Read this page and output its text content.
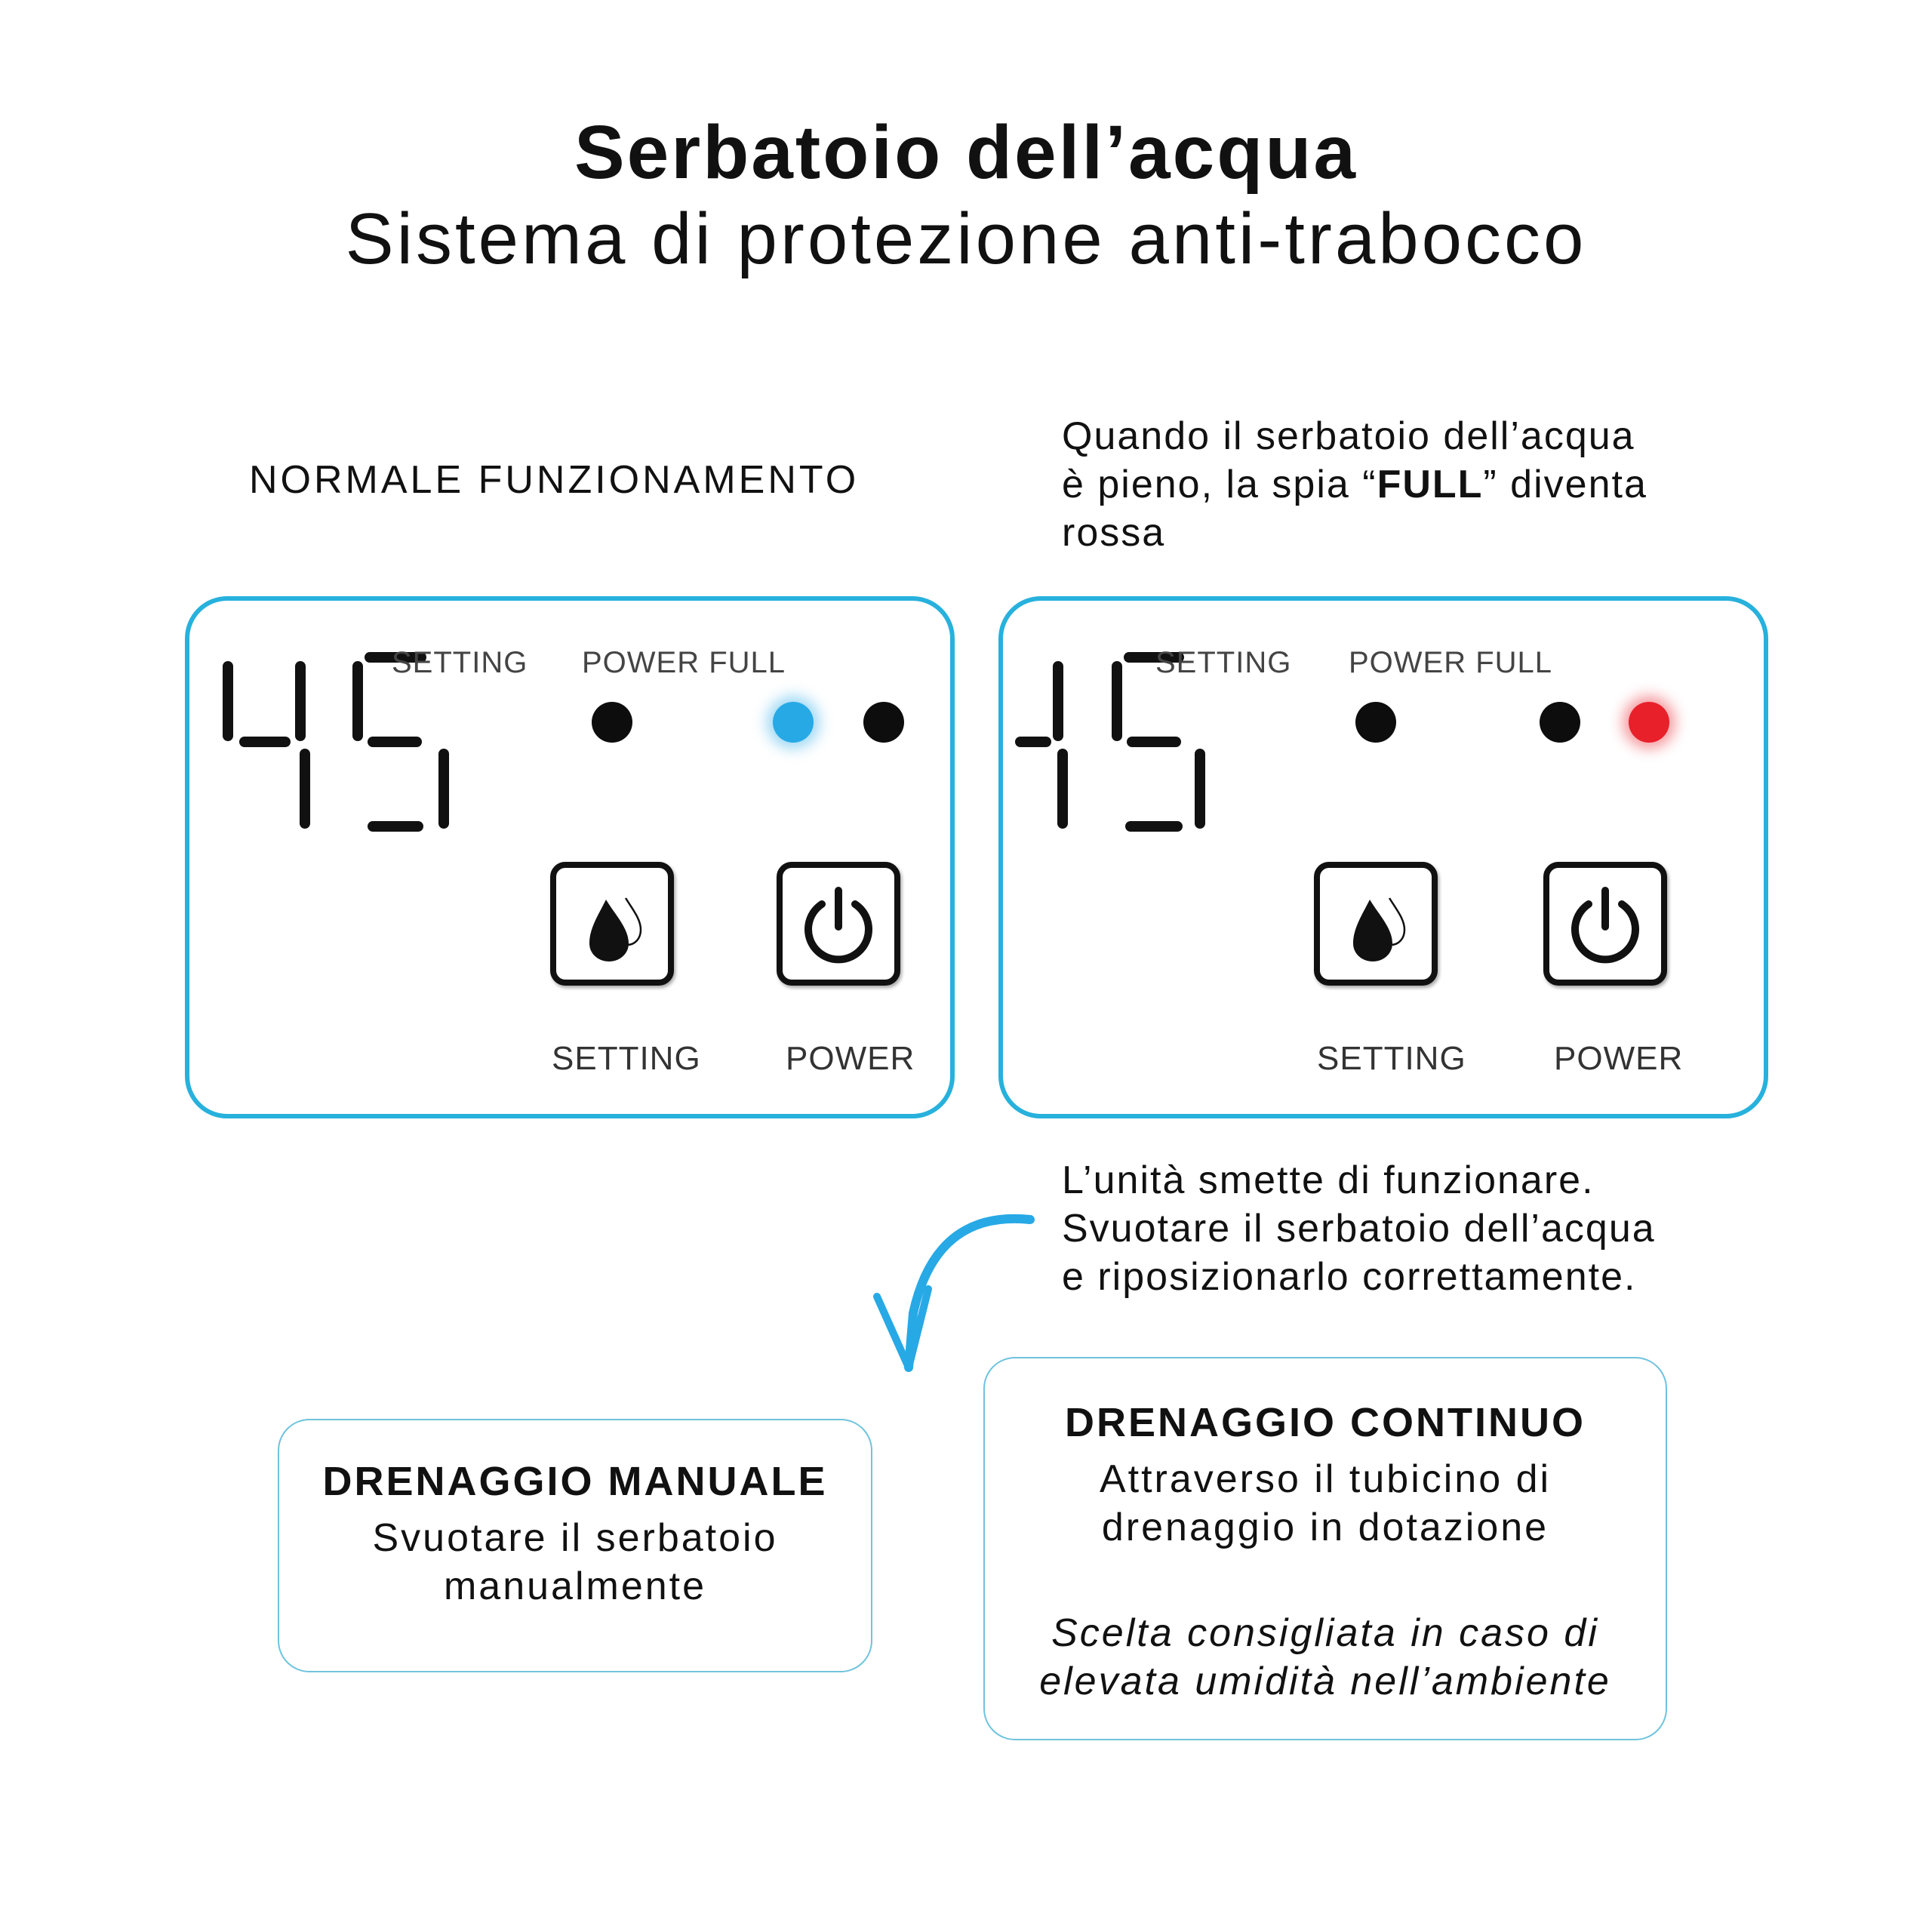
Serbatoio dell’acqua
Sistema di protezione anti-trabocco
NORMALE FUNZIONAMENTO
Quando il serbatoio dell’acqua
è pieno, la spia “FULL” diventa
rossa
SETTING POWER FULL
SETTING	POWER
SETTING POWER FULL
SETTING	POWER
L’unità smette di funzionare.
Svuotare il serbatoio dell’acqua
e riposizionarlo correttamente.
DRENAGGIO MANUALE
Svuotare il serbatoio
manualmente
DRENAGGIO CONTINUO
Attraverso il tubicino di
drenaggio in dotazione
Scelta consigliata in caso di
elevata umidità nell’ambiente
